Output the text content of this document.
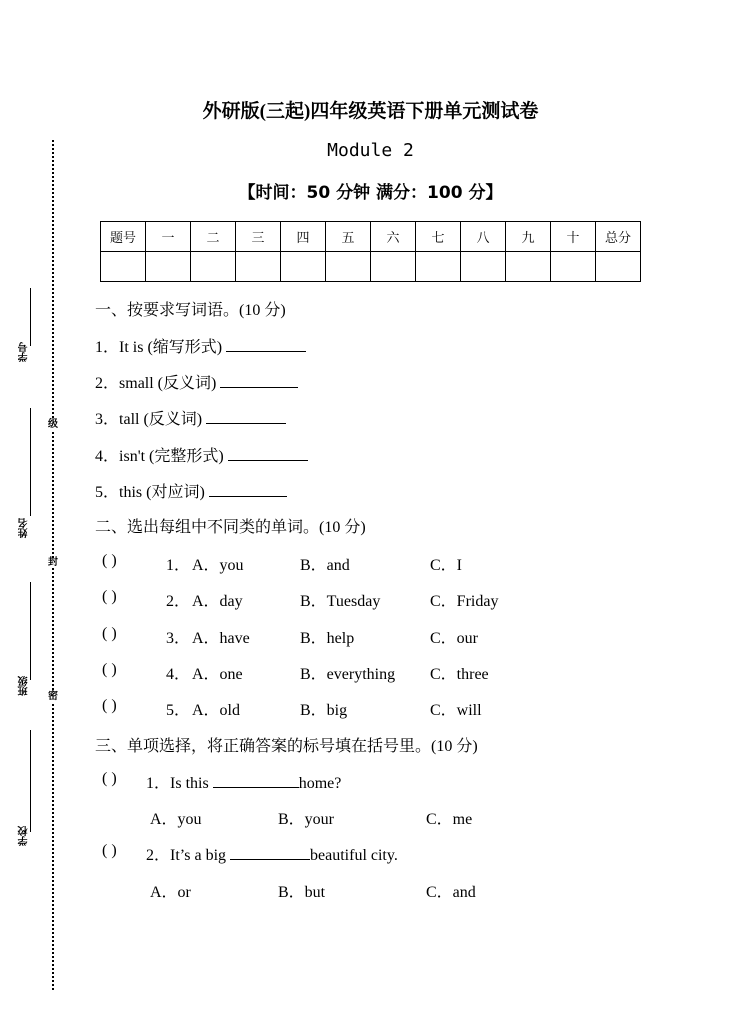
学号
级
姓名
封
班级
密
学校
外研版(三起)四年级英语下册单元测试卷
Module 2
【时间：50 分钟 满分：100 分】
题号	一	二	三	四	五	六	七	八	九	十	总分

一、按要求写词语。(10 分)
1．It is (缩写形式)
2．small (反义词)
3．tall (反义词)
4．isn't (完整形式)
5．this (对应词)
二、选出每组中不同类的单词。(10 分)
( )	1． A．you	B．and	C．I
( )	2． A．day	B．Tuesday	C．Friday
( )	3． A．have	B．help	C．our
( )	4． A．one	B．everything C．three
( )	5． A．old	B．big	C．will
三、单项选择，将正确答案的标号填在括号里。(10 分)
( ) 1．Is this	home?
A．you	B．your	C．me
( ) 2．It’s a big	beautiful city.
A．or	B．but	C．and
